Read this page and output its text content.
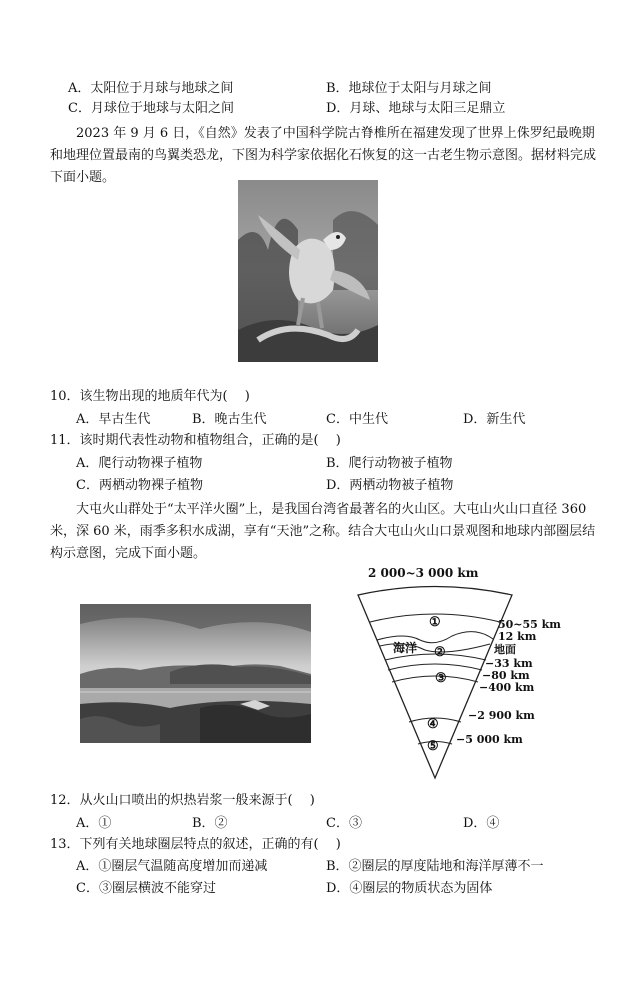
A．太阳位于月球与地球之间	B．地球位于太阳与月球之间
C．月球位于地球与太阳之间	D．月球、地球与太阳三足鼎立
2023 年 9 月 6 日，《自然》发表了中国科学院古脊椎所在福建发现了世界上侏罗纪最晚期和地理位置最南的鸟翼类恐龙，下图为科学家依据化石恢复的这一古老生物示意图。据材料完成下面小题。
10．该生物出现的地质年代为(　 )
A．早古生代	B．晚古生代	C．中生代	D．新生代
11．该时期代表性动物和植物组合，正确的是(　 )
A．爬行动物裸子植物	B．爬行动物被子植物
C．两栖动物裸子植物	D．两栖动物被子植物
大屯火山群处于“太平洋火圈”上，是我国台湾省最著名的火山区。大屯山火山口直径 360 米，深 60 米，雨季多积水成湖，享有“天池”之称。结合大屯山火山口景观图和地球内部圈层结构示意图，完成下面小题。
2 000~3 000 km
①
海洋 ②
③
④
⑤
50~55 km
12 km
地面
−33 km
−80 km
−400 km
−2 900 km
−5 000 km
12．从火山口喷出的炽热岩浆一般来源于(　 )
A．①	B．②	C．③	D．④
13．下列有关地球圈层特点的叙述，正确的有(　 )
A．①圈层气温随高度增加而递减	B．②圈层的厚度陆地和海洋厚薄不一
C．③圈层横波不能穿过	D．④圈层的物质状态为固体
